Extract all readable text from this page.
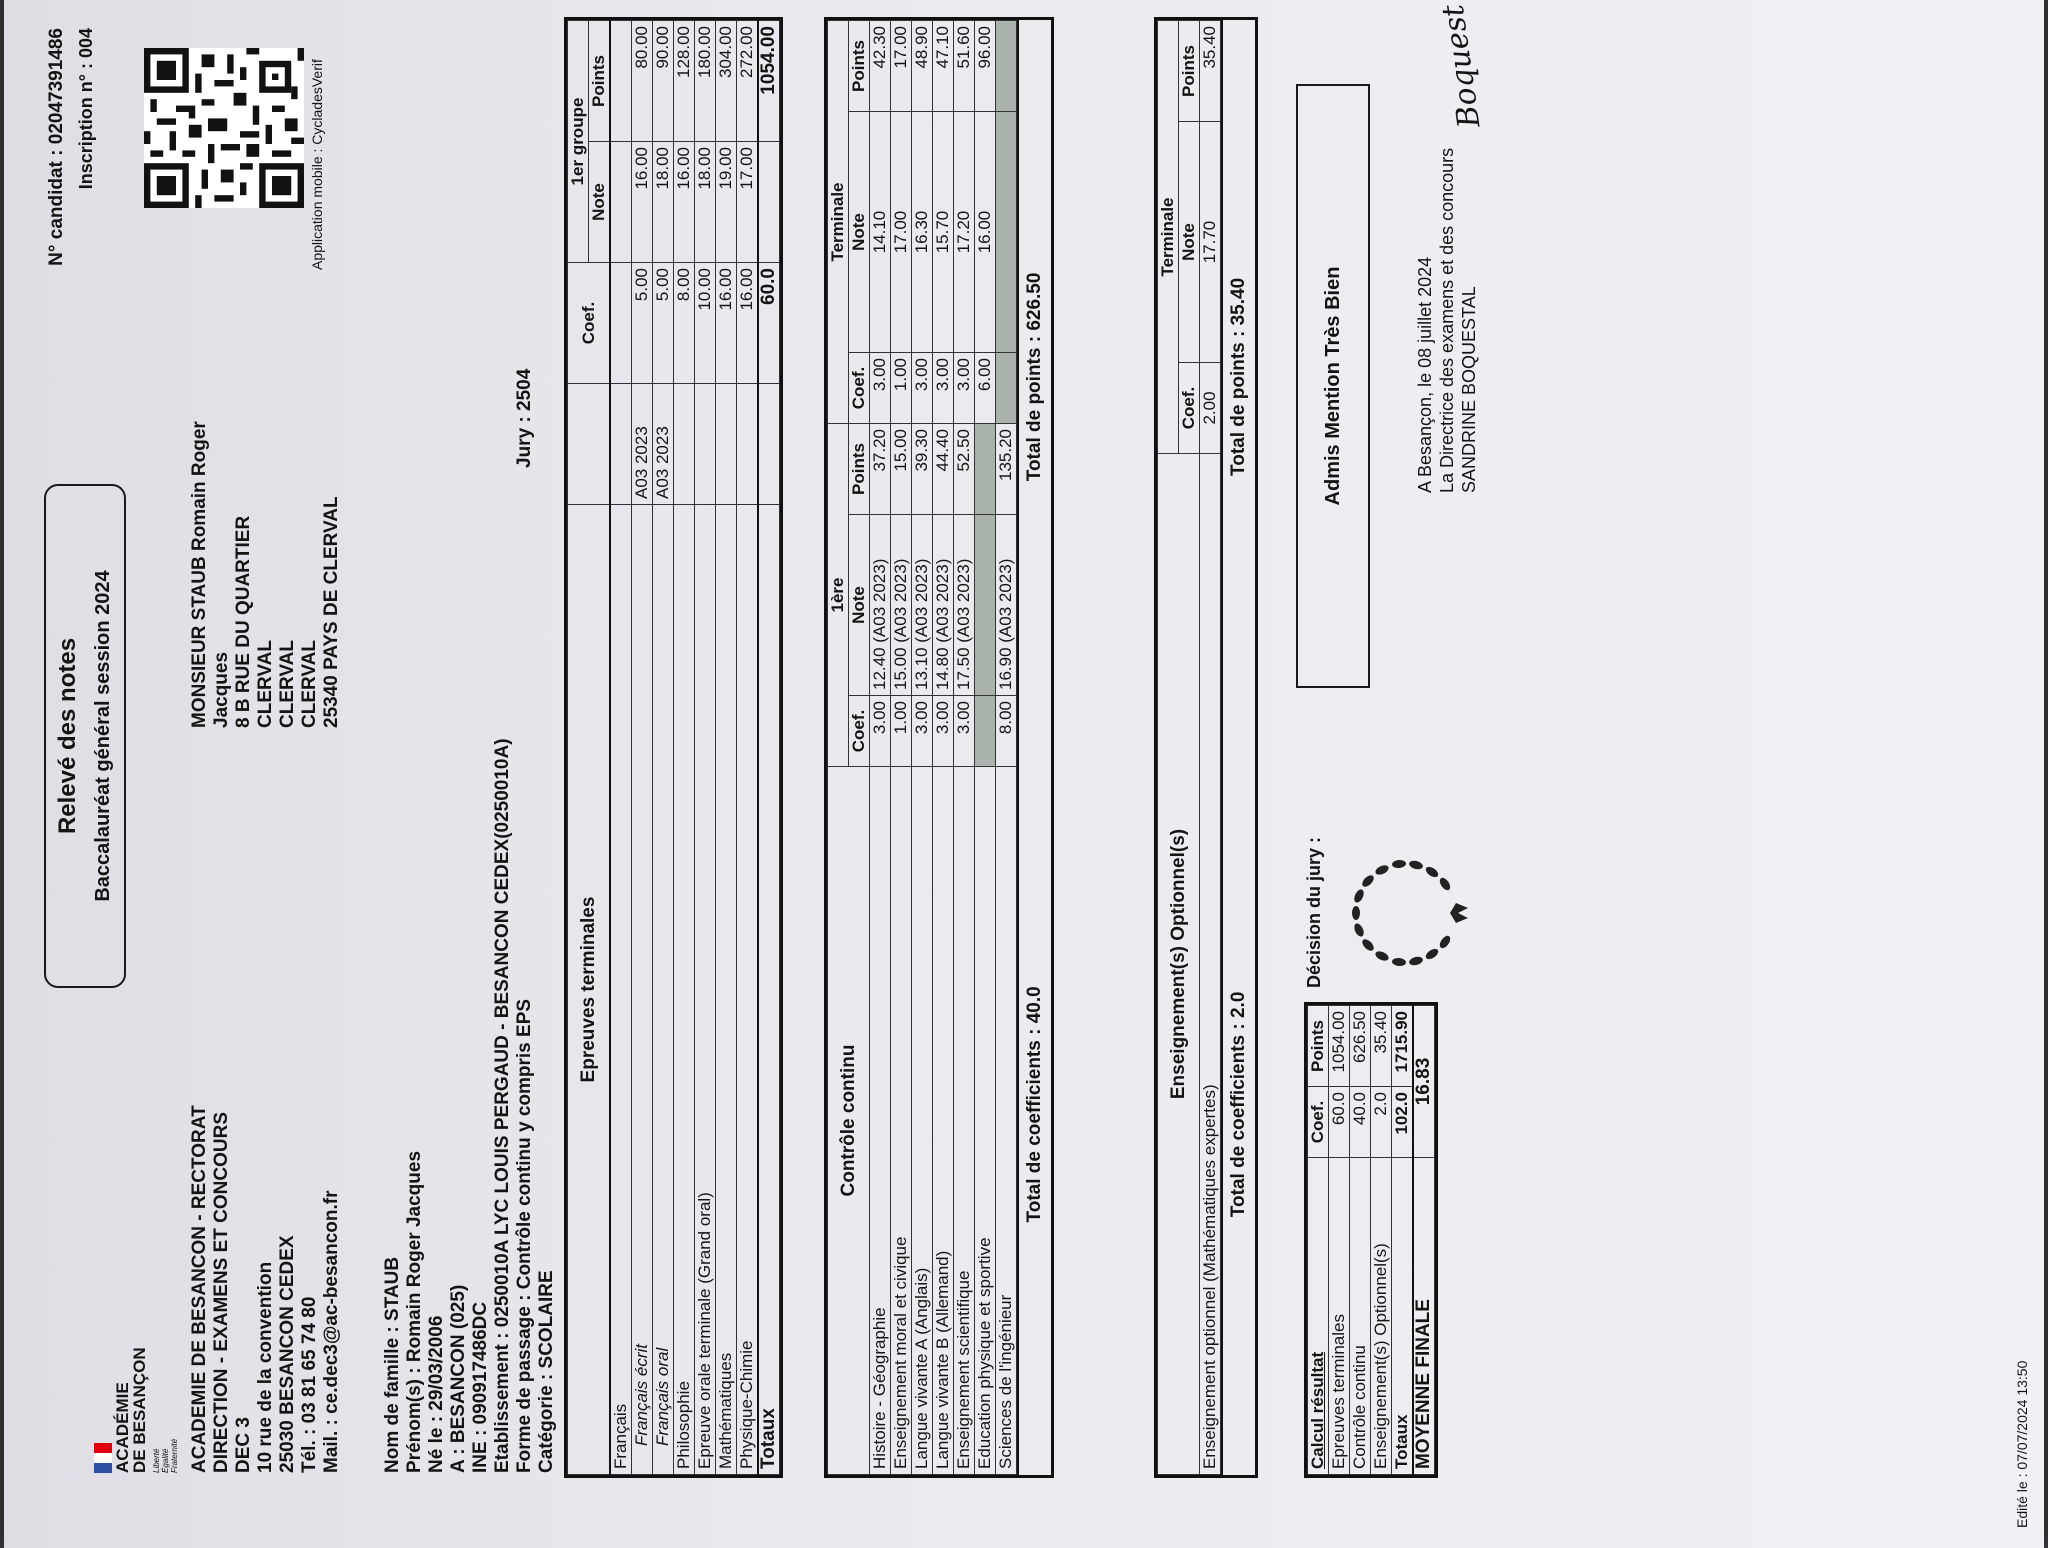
ACADÉMIE
DE BESANÇON Liberté Égalité Fraternité
Relevé des notes Baccalauréat général session 2024
N° candidat : 02047391486 Inscription n° : 004
ACADEMIE DE BESANCON - RECTORAT DIRECTION - EXAMENS ET CONCOURS DEC 3 10 rue de la convention 25030 BESANCON CEDEX Tél. : 03 81 65 74 80 Mail. : ce.dec3@ac-besancon.fr
MONSIEUR STAUB Romain Roger Jacques 8 B RUE DU QUARTIER CLERVAL CLERVAL CLERVAL 25340 PAYS DE CLERVAL
Application mobile : CycladesVerif
Nom de famille : STAUB Prénom(s) : Romain Roger Jacques Né le : 29/03/2006 A : BESANCON (025) INE : 090917486DC Etablissement : 0250010A LYC LOUIS PERGAUD - BESANCON CEDEX(0250010A) Forme de passage : Contrôle continu y compris EPS Catégorie : SCOLAIRE
Jury : 2504
Epreuves terminales		Coef.	1er groupe	
			Note	Points
Français				
Français écrit	A03 2023	5.00	16.00	80.00
Français oral	A03 2023	5.00	18.00	90.00
Philosophie		8.00	16.00	128.00
Epreuve orale terminale (Grand oral)		10.00	18.00	180.00
Mathématiques		16.00	19.00	304.00
Physique-Chimie		16.00	17.00	272.00
Totaux		60.0		1054.00
Contrôle continu	1ère			Terminale		
	Coef.	Note	Points	Coef.	Note	Points
Histoire - Géographie	3.00	12.40 (A03 2023)	37.20	3.00	14.10	42.30
Enseignement moral et civique	1.00	15.00 (A03 2023)	15.00	1.00	17.00	17.00
Langue vivante A (Anglais)	3.00	13.10 (A03 2023)	39.30	3.00	16.30	48.90
Langue vivante B (Allemand)	3.00	14.80 (A03 2023)	44.40	3.00	15.70	47.10
Enseignement scientifique	3.00	17.50 (A03 2023)	52.50	3.00	17.20	51.60
Education physique et sportive				6.00	16.00	96.00
Sciences de l'ingénieur	8.00	16.90 (A03 2023)	135.20			
Total de coefficients : 40.0
Total de points : 626.50
Enseignement(s) Optionnel(s)	Terminale		
	Coef.	Note	Points
Enseignement optionnel (Mathématiques expertes)	2.00	17.70	35.40
Total de coefficients : 2.0
Total de points : 35.40
Calcul résultat	Coef.	Points
Epreuves terminales	60.0	1054.00
Contrôle continu	40.0	626.50
Enseignement(s) Optionnel(s)	2.0	35.40
Totaux	102.0	1715.90
MOYENNE FINALE	16.83	
Décision du jury :
Admis Mention Très Bien	A Besançon, le 08 juillet 2024 La Directrice des examens et des concours SANDRINE BOQUESTAL
Boquest
Edité le : 07/07/2024 13:50
